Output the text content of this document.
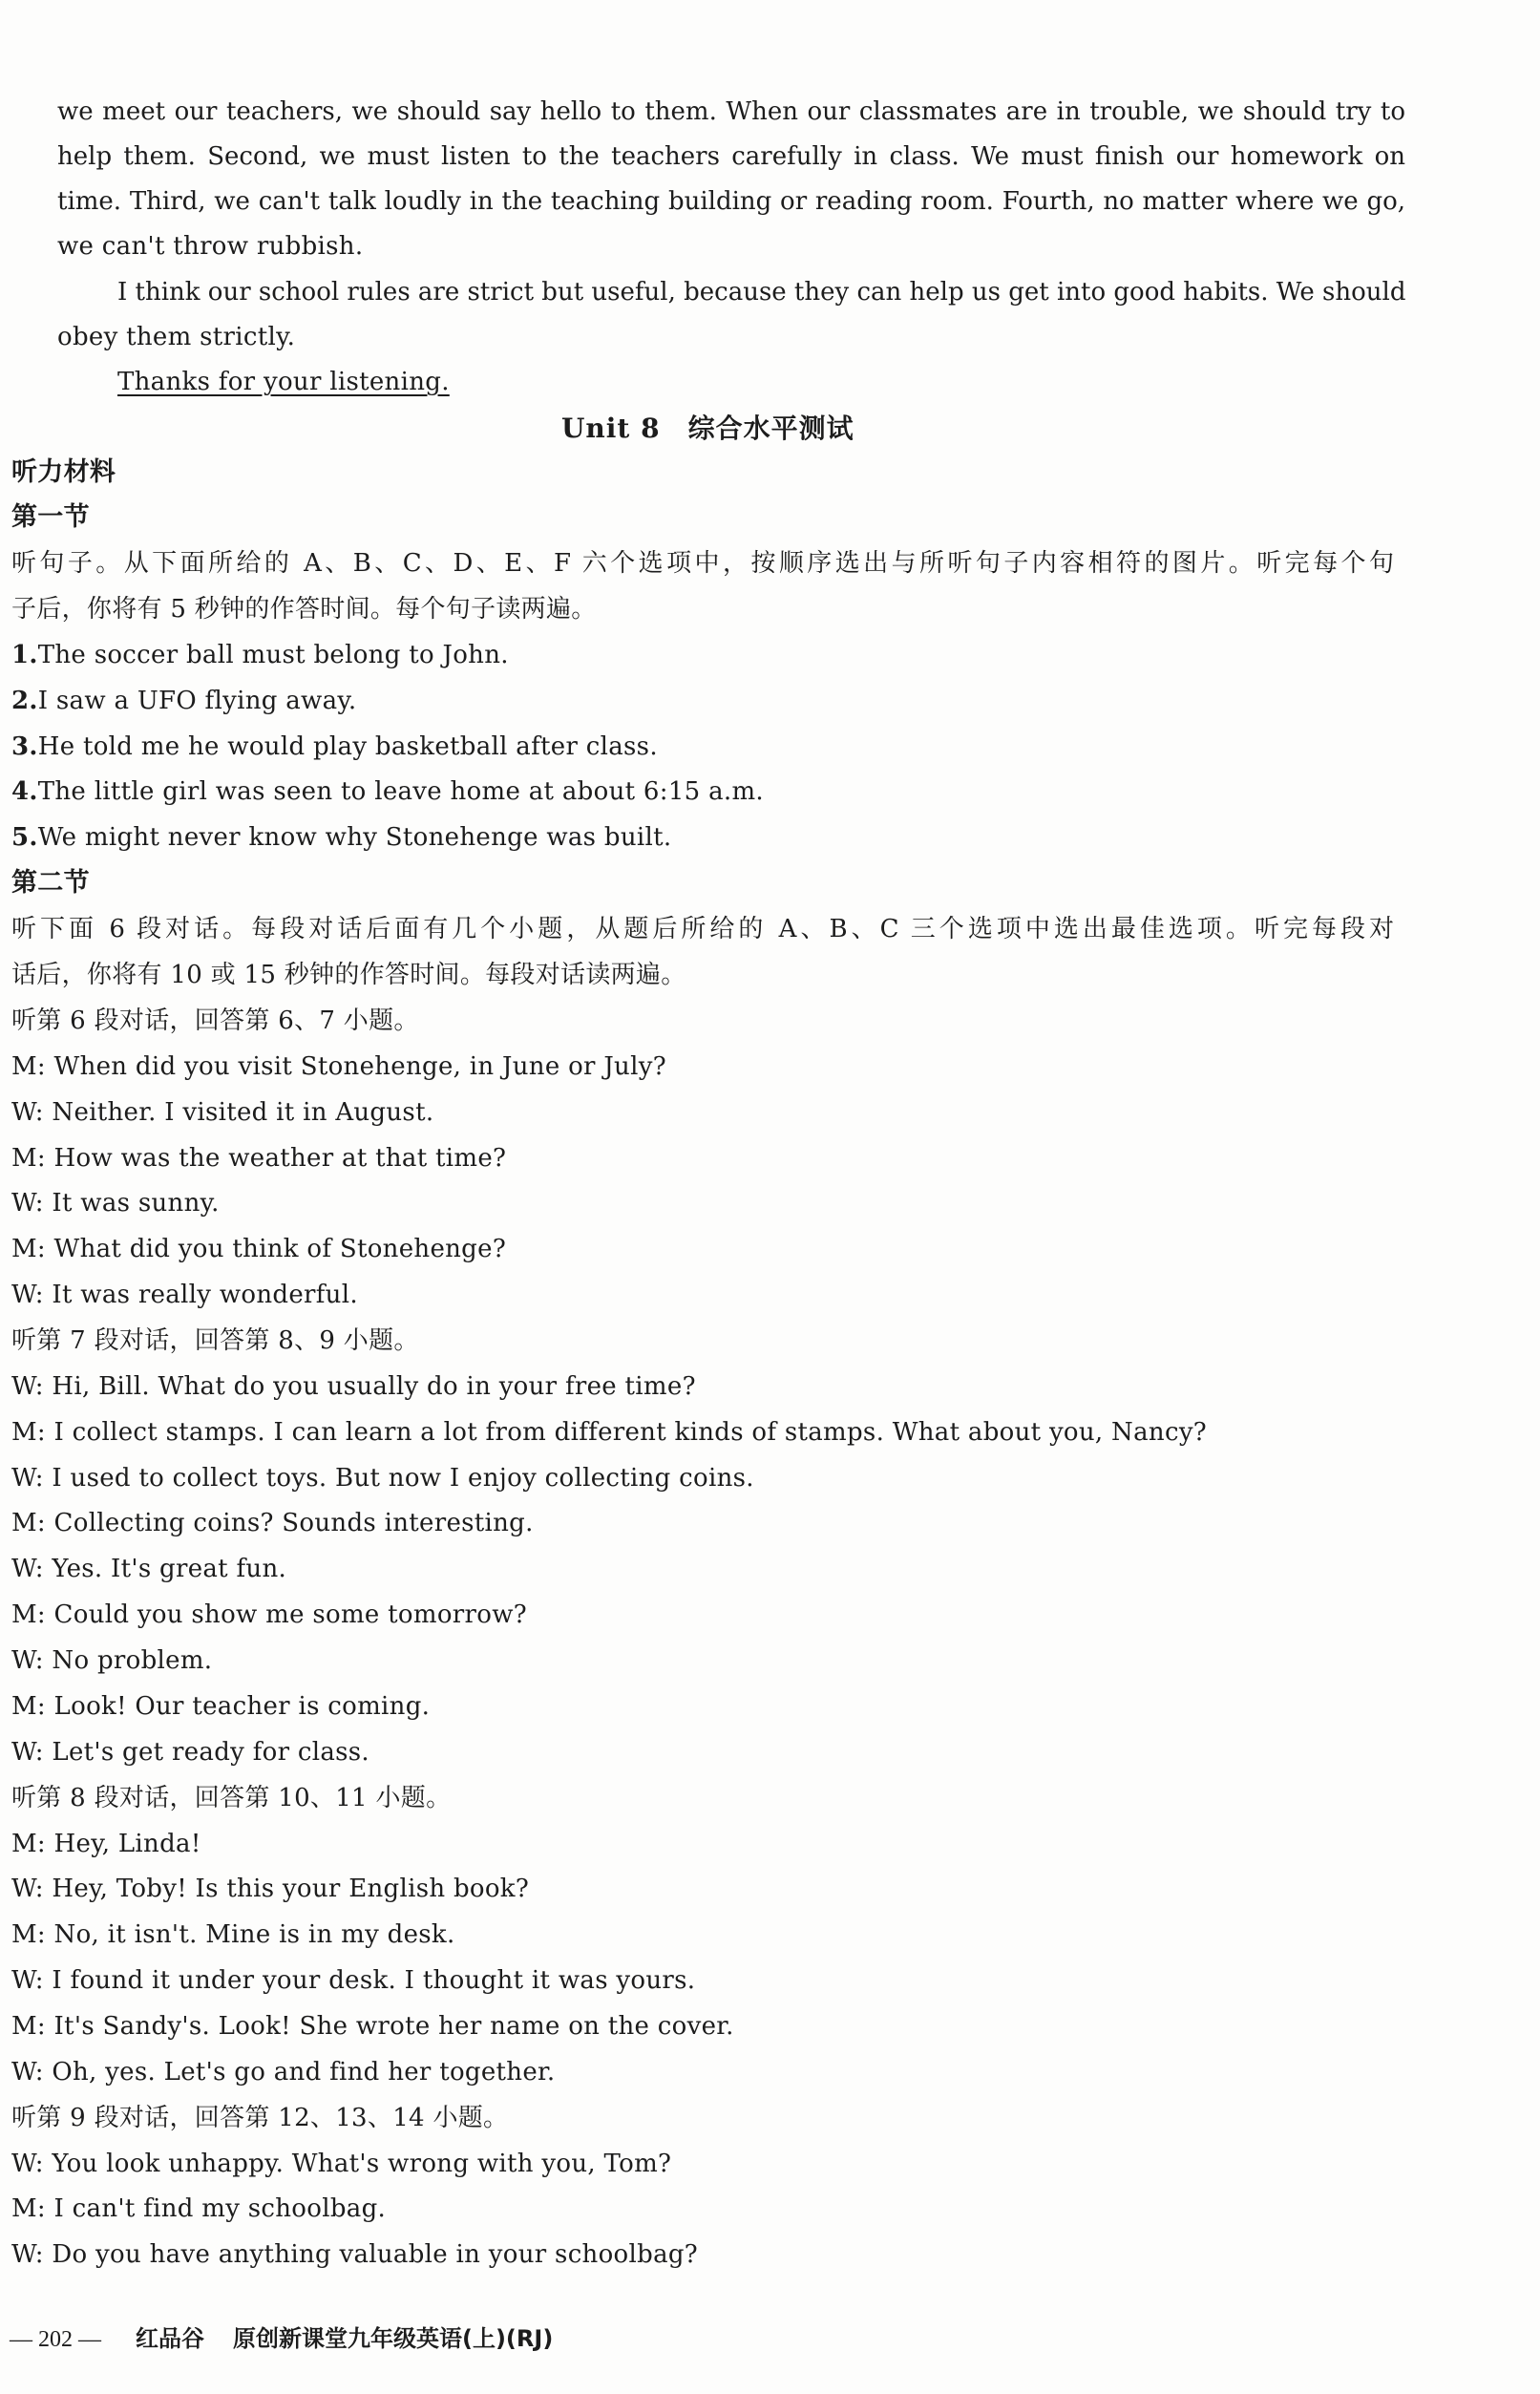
we meet our teachers, we should say hello to them. When our classmates are in trouble, we should try to
help them. Second, we must listen to the teachers carefully in class. We must finish our homework on
time. Third, we can't talk loudly in the teaching building or reading room. Fourth, no matter where we go,
we can't throw rubbish.
I think our school rules are strict but useful, because they can help us get into good habits. We should
obey them strictly.
Thanks for your listening.
Unit 8　综合水平测试
听力材料
第一节
听句子。从下面所给的 A、B、C、D、E、F 六个选项中，按顺序选出与所听句子内容相符的图片。听完每个句
子后，你将有 5 秒钟的作答时间。每个句子读两遍。
1.The soccer ball must belong to John.
2.I saw a UFO flying away.
3.He told me he would play basketball after class.
4.The little girl was seen to leave home at about 6:15 a.m.
5.We might never know why Stonehenge was built.
第二节
听下面 6 段对话。每段对话后面有几个小题，从题后所给的 A、B、C 三个选项中选出最佳选项。听完每段对
话后，你将有 10 或 15 秒钟的作答时间。每段对话读两遍。
听第 6 段对话，回答第 6、7 小题。
M: When did you visit Stonehenge, in June or July?
W: Neither. I visited it in August.
M: How was the weather at that time?
W: It was sunny.
M: What did you think of Stonehenge?
W: It was really wonderful.
听第 7 段对话，回答第 8、9 小题。
W: Hi, Bill. What do you usually do in your free time?
M: I collect stamps. I can learn a lot from different kinds of stamps. What about you, Nancy?
W: I used to collect toys. But now I enjoy collecting coins.
M: Collecting coins? Sounds interesting.
W: Yes. It's great fun.
M: Could you show me some tomorrow?
W: No problem.
M: Look! Our teacher is coming.
W: Let's get ready for class.
听第 8 段对话，回答第 10、11 小题。
M: Hey, Linda!
W: Hey, Toby! Is this your English book?
M: No, it isn't. Mine is in my desk.
W: I found it under your desk. I thought it was yours.
M: It's Sandy's. Look! She wrote her name on the cover.
W: Oh, yes. Let's go and find her together.
听第 9 段对话，回答第 12、13、14 小题。
W: You look unhappy. What's wrong with you, Tom?
M: I can't find my schoolbag.
W: Do you have anything valuable in your schoolbag?
— 202 — 红品谷 原创新课堂九年级英语(上)(RJ)
